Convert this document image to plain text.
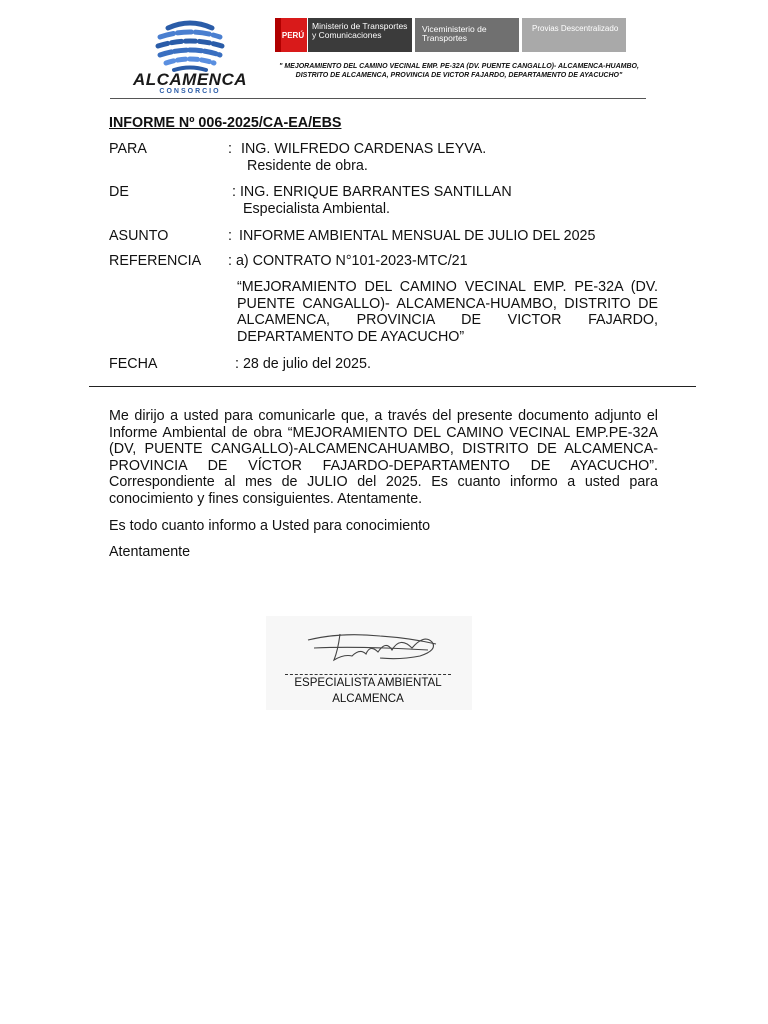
ALCAMENCA
CONSORCIO
PERÚ
Ministerio de Transportes y Comunicaciones
Viceministerio de Transportes
Provias Descentralizado
" MEJORAMIENTO DEL CAMINO VECINAL EMP. PE-32A (DV. PUENTE CANGALLO)- ALCAMENCA-HUAMBO, DISTRITO DE ALCAMENCA, PROVINCIA DE VICTOR FAJARDO, DEPARTAMENTO DE AYACUCHO"
INFORME Nº 006-2025/CA-EA/EBS
PARA	: ING. WILFREDO CARDENAS LEYVA.
Residente de obra.
DE	: ING. ENRIQUE BARRANTES SANTILLAN
Especialista Ambiental.
ASUNTO	: INFORME AMBIENTAL MENSUAL DE JULIO DEL 2025
REFERENCIA : a) CONTRATO N°101-2023-MTC/21
“MEJORAMIENTO DEL CAMINO VECINAL EMP. PE-32A (DV. PUENTE CANGALLO)- ALCAMENCA-HUAMBO, DISTRITO DE ALCAMENCA, PROVINCIA DE VICTOR FAJARDO, DEPARTAMENTO DE AYACUCHO”
FECHA	: 28 de julio del 2025.
Me dirijo a usted para comunicarle que, a través del presente documento adjunto el Informe Ambiental de obra “MEJORAMIENTO DEL CAMINO VECINAL EMP.PE-32A (DV, PUENTE CANGALLO)-ALCAMENCAHUAMBO, DISTRITO DE ALCAMENCA-PROVINCIA DE VÍCTOR FAJARDO-DEPARTAMENTO DE AYACUCHO”. Correspondiente al mes de JULIO del 2025. Es cuanto informo a usted para conocimiento y fines consiguientes. Atentamente.
Es todo cuanto informo a Usted para conocimiento
Atentamente
ESPECIALISTA AMBIENTAL
ALCAMENCA
